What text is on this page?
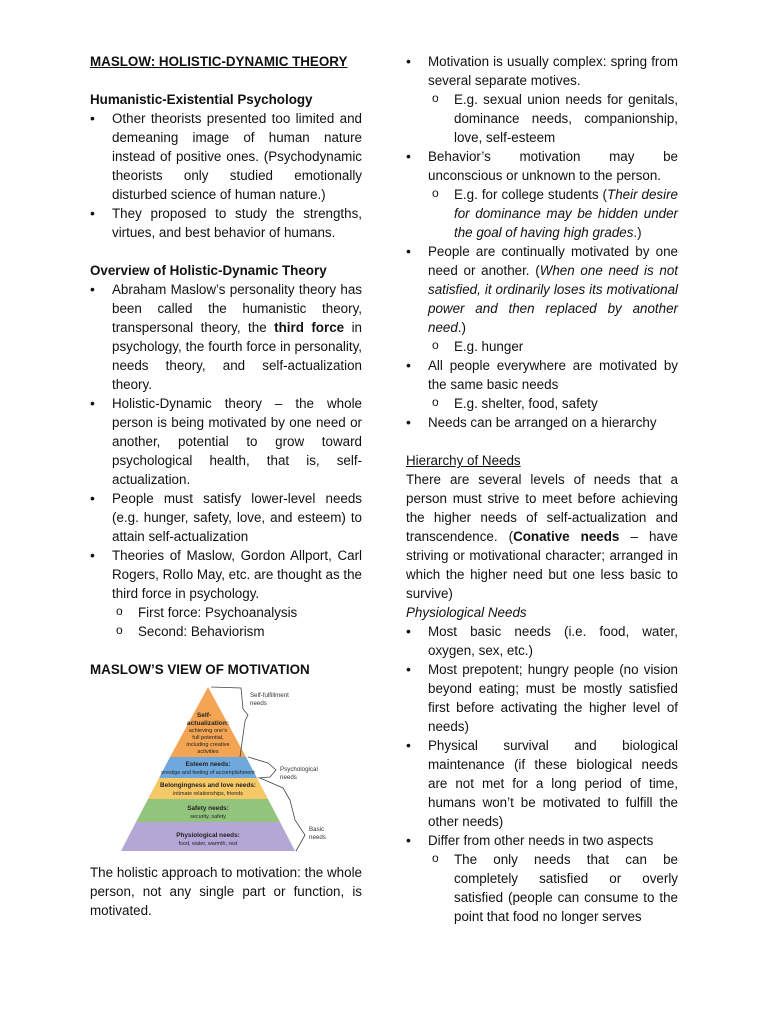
MASLOW: HOLISTIC-DYNAMIC THEORY
Humanistic-Existential Psychology
• Other theorists presented too limited and demeaning image of human nature instead of positive ones. (Psychodynamic theorists only studied emotionally disturbed science of human nature.)
• They proposed to study the strengths, virtues, and best behavior of humans.
Overview of Holistic-Dynamic Theory
• Abraham Maslow’s personality theory has been called the humanistic theory, transpersonal theory, the third force in psychology, the fourth force in personality, needs theory, and self-actualization theory.
• Holistic-Dynamic theory – the whole person is being motivated by one need or another, potential to grow toward psychological health, that is, self-actualization.
• People must satisfy lower-level needs (e.g. hunger, safety, love, and esteem) to attain self-actualization
• Theories of Maslow, Gordon Allport, Carl Rogers, Rollo May, etc. are thought as the third force in psychology.
o First force: Psychoanalysis
o Second: Behaviorism
MASLOW’S VIEW OF MOTIVATION
Self-
actualization:
achieving one’s
full potential,
including creative
activities
Esteem needs:
prestige and feeling of accomplishment
Belongingness and love needs:
intimate relationships, friends
Safety needs:
security, safety
Physiological needs:
food, water, warmth, rest
Self-fulfillment
needs
Psychological
needs
Basic
needs
The holistic approach to motivation: the whole person, not any single part or function, is motivated.
• Motivation is usually complex: spring from several separate motives.
o E.g. sexual union needs for genitals, dominance needs, companionship, love, self-esteem
• Behavior’s motivation may be unconscious or unknown to the person.
o E.g. for college students (Their desire for dominance may be hidden under the goal of having high grades.)
• People are continually motivated by one need or another. (When one need is not satisfied, it ordinarily loses its motivational power and then replaced by another need.)
o E.g. hunger
• All people everywhere are motivated by the same basic needs
o E.g. shelter, food, safety
• Needs can be arranged on a hierarchy
Hierarchy of Needs
There are several levels of needs that a person must strive to meet before achieving the higher needs of self-actualization and transcendence. (Conative needs – have striving or motivational character; arranged in which the higher need but one less basic to survive)
Physiological Needs
• Most basic needs (i.e. food, water, oxygen, sex, etc.)
• Most prepotent; hungry people (no vision beyond eating; must be mostly satisfied first before activating the higher level of needs)
• Physical survival and biological maintenance (if these biological needs are not met for a long period of time, humans won’t be motivated to fulfill the other needs)
• Differ from other needs in two aspects
o The only needs that can be completely satisfied or overly satisfied (people can consume to the point that food no longer serves
